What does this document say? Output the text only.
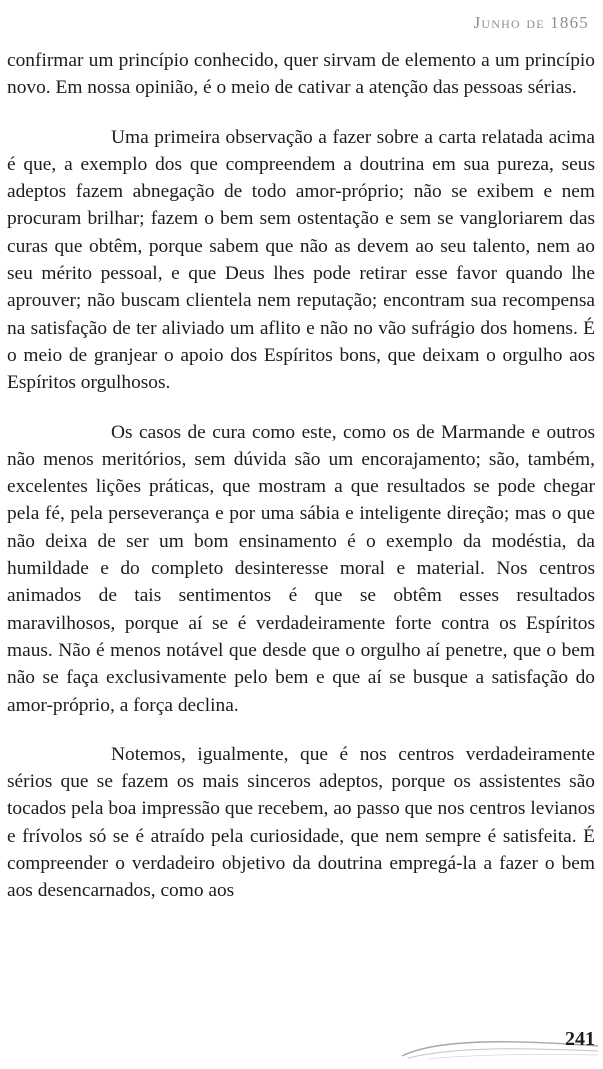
Junho de 1865

confirmar um princípio conhecido, quer sirvam de elemento a um princípio novo. Em nossa opinião, é o meio de cativar a atenção das pessoas sérias.

Uma primeira observação a fazer sobre a carta relatada acima é que, a exemplo dos que compreendem a doutrina em sua pureza, seus adeptos fazem abnegação de todo amor-próprio; não se exibem e nem procuram brilhar; fazem o bem sem ostentação e sem se vangloriarem das curas que obtêm, porque sabem que não as devem ao seu talento, nem ao seu mérito pessoal, e que Deus lhes pode retirar esse favor quando lhe aprouver; não buscam clientela nem reputação; encontram sua recompensa na satisfação de ter aliviado um aflito e não no vão sufrágio dos homens. É o meio de granjear o apoio dos Espíritos bons, que deixam o orgulho aos Espíritos orgulhosos.

Os casos de cura como este, como os de Marmande e outros não menos meritórios, sem dúvida são um encorajamento; são, também, excelentes lições práticas, que mostram a que resultados se pode chegar pela fé, pela perseverança e por uma sábia e inteligente direção; mas o que não deixa de ser um bom ensinamento é o exemplo da modéstia, da humildade e do completo desinteresse moral e material. Nos centros animados de tais sentimentos é que se obtêm esses resultados maravilhosos, porque aí se é verdadeiramente forte contra os Espíritos maus. Não é menos notável que desde que o orgulho aí penetre, que o bem não se faça exclusivamente pelo bem e que aí se busque a satisfação do amor-próprio, a força declina.

Notemos, igualmente, que é nos centros verdadeiramente sérios que se fazem os mais sinceros adeptos, porque os assistentes são tocados pela boa impressão que recebem, ao passo que nos centros levianos e frívolos só se é atraído pela curiosidade, que nem sempre é satisfeita. É compreender o verdadeiro objetivo da doutrina empregá-la a fazer o bem aos desencarnados, como aos

241
